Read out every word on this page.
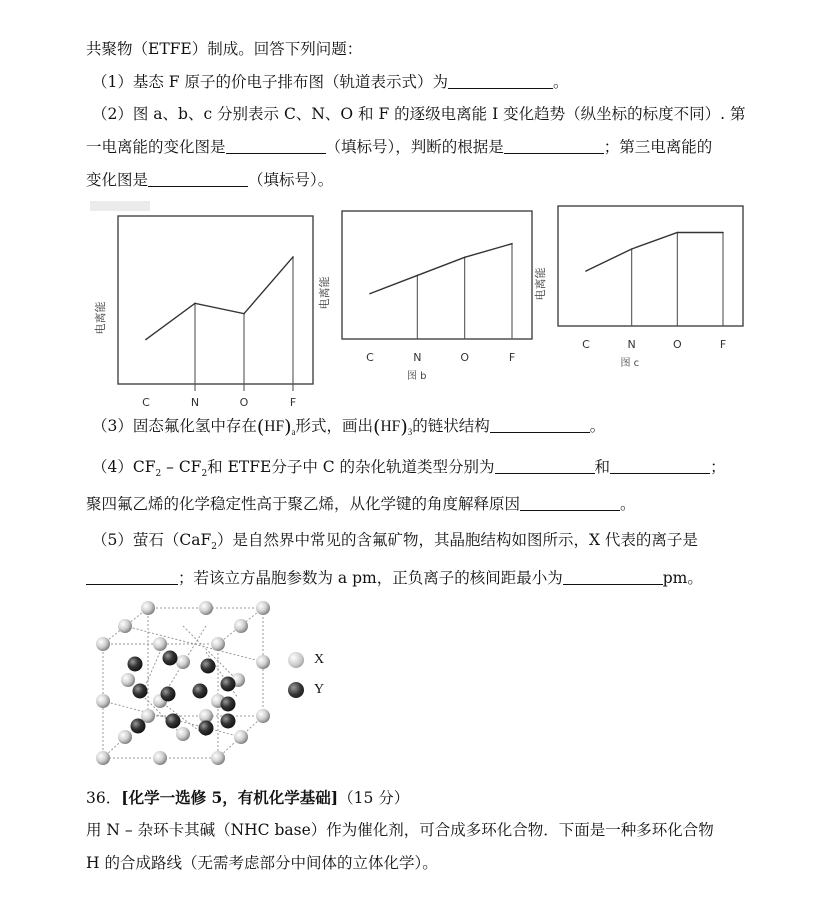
共聚物（ETFE）制成。回答下列问题：
（1）基态 F 原子的价电子排布图（轨道表示式）为	。
（2）图 a、b、c 分别表示 C、N、O 和 F 的逐级电离能 I 变化趋势（纵坐标的标度不同）. 第
一电离能的变化图是	（填标号），判断的根据是	；第三电离能的
变化图是	（填标号）。
C	N	O	F
电离能
C	N	O	F
电离能
图 b
C	N	O	F
电离能
图 c
（3）固态氟化氢中存在$(HF)_a$形式，画出$(HF)_3$的链状结构	。
$(4)CF_2 - CF_2$和 ETFE分子中 C 的杂化轨道类型分别为	和	；
聚四氟乙烯的化学稳定性高于聚乙烯，从化学键的角度解释原因	。
（5）萤石（CaF$_2$）是自然界中常见的含氟矿物，其晶胞结构如图所示，X 代表的离子是
；若该立方晶胞参数为 a pm，正负离子的核间距最小为	pm。
X
Y
36．[化学一选修 5，有机化学基础]（15 分）
用 N – 杂环卡其碱（NHC base）作为催化剂，可合成多环化合物．下面是一种多环化合物
H 的合成路线（无需考虑部分中间体的立体化学）。
